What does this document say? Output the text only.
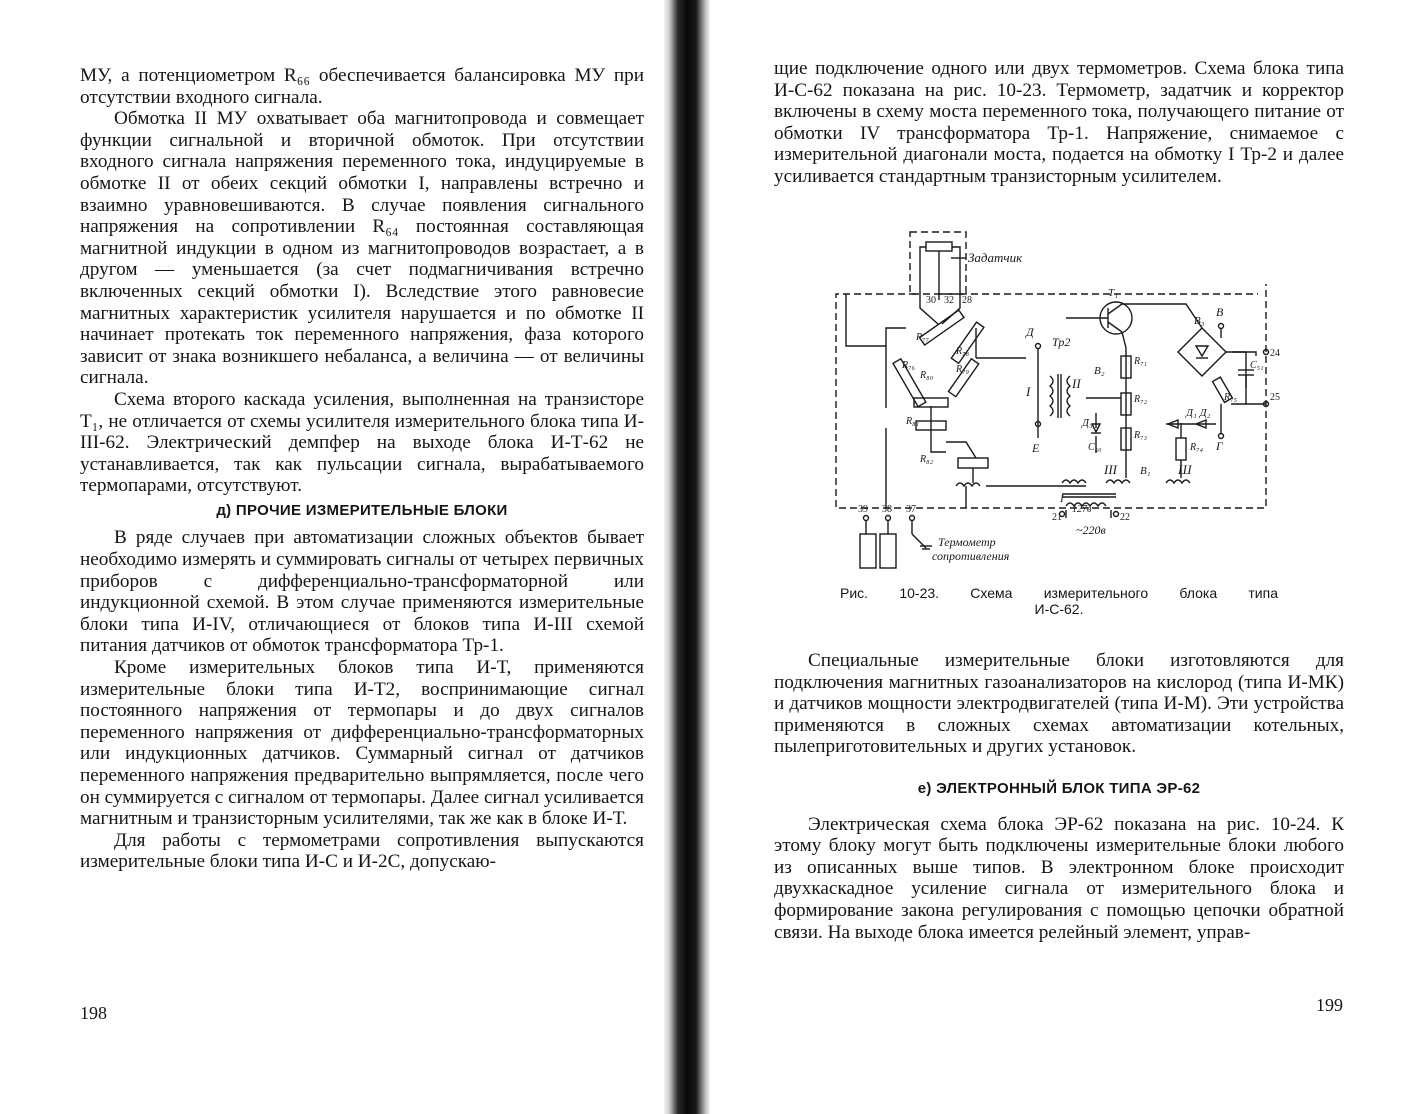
МУ, а потенциометром R₆₆ обеспечивается балансировка МУ при отсутствии входного сигнала.

Обмотка II МУ охватывает оба магнитопровода и совмещает функции сигнальной и вторичной обмоток. При отсутствии входного сигнала напряжения переменного тока, индуцируемые в обмотке II от обеих секций обмотки I, направлены встречно и взаимно уравновешиваются. В случае появления сигнального напряжения на сопротивлении R₆₄ постоянная составляющая магнитной индукции в одном из магнитопроводов возрастает, а в другом — уменьшается (за счет подмагничивания встречно включенных секций обмотки I). Вследствие этого равновесие магнитных характеристик усилителя нарушается и по обмотке II начинает протекать ток переменного напряжения, фаза которого зависит от знака возникшего небаланса, а величина — от величины сигнала.

Схема второго каскада усиления, выполненная на транзисторе T₁, не отличается от схемы усилителя измерительного блока типа И-III-62. Электрический демпфер на выходе блока И-Т-62 не устанавливается, так как пульсации сигнала, вырабатываемого термопарами, отсутствуют.

д) ПРОЧИЕ ИЗМЕРИТЕЛЬНЫЕ БЛОКИ

В ряде случаев при автоматизации сложных объектов бывает необходимо измерять и суммировать сигналы от четырех первичных приборов с дифференциально-трансформаторной или индукционной схемой. В этом случае применяются измерительные блоки типа И-IV, отличающиеся от блоков типа И-III схемой питания датчиков от обмоток трансформатора Тр-1.

Кроме измерительных блоков типа И-Т, применяются измерительные блоки типа И-Т2, воспринимающие сигнал постоянного напряжения от термопары и до двух сигналов переменного напряжения от дифференциально-трансформаторных или индукционных датчиков. Суммарный сигнал от датчиков переменного напряжения предварительно выпрямляется, после чего он суммируется с сигналом от термопары. Далее сигнал усиливается магнитным и транзисторным усилителями, так же как в блоке И-Т.

Для работы с термометрами сопротивления выпускаются измерительные блоки типа И-С и И-2С, допускаю-

198

щие подключение одного или двух термометров. Схема блока типа И-С-62 показана на рис. 10-23. Термометр, задатчик и корректор включены в схему моста переменного тока, получающего питание от обмотки IV трансформатора Тр-1. Напряжение, снимаемое с измерительной диагонали моста, подается на обмотку I Тр-2 и далее усиливается стандартным транзисторным усилителем.

Задатчик
T₁
Тр2
Д
Е
В
Г
В₂
В₃
В₁
Д₃
Д₁ Д₂
I
II
III	Ш
R₇₇
R₇₈
R₇₉
R₇₆
R₈₀
R₈₁
R₈₂
R₇₁
R₇₂
R₇₃
R₇₄
R₇₅
C₅₀
C₅₁
30 32 28
24
25
39 38 37
21	22
127в
I
~220в
Термометр
сопротивления
Рис. 10-23. Схема измерительного блока типа
И-С-62.

Специальные измерительные блоки изготовляются для подключения магнитных газоанализаторов на кислород (типа И-МК) и датчиков мощности электродвигателей (типа И-М). Эти устройства применяются в сложных схемах автоматизации котельных, пылеприготовительных и других установок.

е) ЭЛЕКТРОННЫЙ БЛОК ТИПА ЭР-62

Электрическая схема блока ЭР-62 показана на рис. 10-24. К этому блоку могут быть подключены измерительные блоки любого из описанных выше типов. В электронном блоке происходит двухкаскадное усиление сигнала от измерительного блока и формирование закона регулирования с помощью цепочки обратной связи. На выходе блока имеется релейный элемент, управ-

199
